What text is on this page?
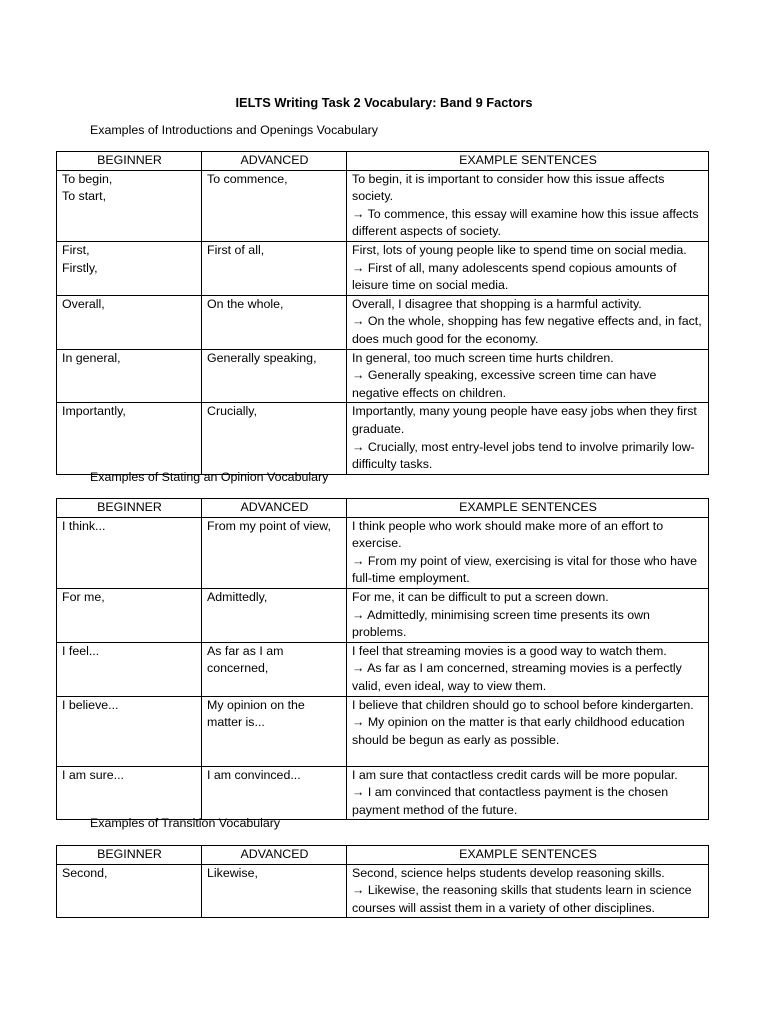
IELTS Writing Task 2 Vocabulary: Band 9 Factors
Examples of Introductions and Openings Vocabulary
BEGINNER	ADVANCED	EXAMPLE SENTENCES

To begin,
To start,	To commence,	To begin, it is important to consider how this issue affects society.
→ To commence, this essay will examine how this issue affects different aspects of society.

First,
Firstly,	First of all,	First, lots of young people like to spend time on social media.
→ First of all, many adolescents spend copious amounts of leisure time on social media.

Overall,	On the whole,	Overall, I disagree that shopping is a harmful activity.
→ On the whole, shopping has few negative effects and, in fact, does much good for the economy.

In general,	Generally speaking,	In general, too much screen time hurts children.
→ Generally speaking, excessive screen time can have negative effects on children.

Importantly,	Crucially,	Importantly, many young people have easy jobs when they first graduate.
→ Crucially, most entry-level jobs tend to involve primarily low-difficulty tasks.
Examples of Stating an Opinion Vocabulary
BEGINNER	ADVANCED	EXAMPLE SENTENCES

I think...	From my point of view,	I think people who work should make more of an effort to exercise.
→ From my point of view, exercising is vital for those who have full-time employment.

For me,	Admittedly,	For me, it can be difficult to put a screen down.
→ Admittedly, minimising screen time presents its own problems.

I feel...	As far as I am concerned,	I feel that streaming movies is a good way to watch them.
→ As far as I am concerned, streaming movies is a perfectly valid, even ideal, way to view them.

I believe...	My opinion on the matter is...	I believe that children should go to school before kindergarten.
→ My opinion on the matter is that early childhood education should be begun as early as possible.

I am sure...	I am convinced...	I am sure that contactless credit cards will be more popular.
→ I am convinced that contactless payment is the chosen payment method of the future.
Examples of Transition Vocabulary
BEGINNER	ADVANCED	EXAMPLE SENTENCES

Second,	Likewise,	Second, science helps students develop reasoning skills.
→ Likewise, the reasoning skills that students learn in science courses will assist them in a variety of other disciplines.
